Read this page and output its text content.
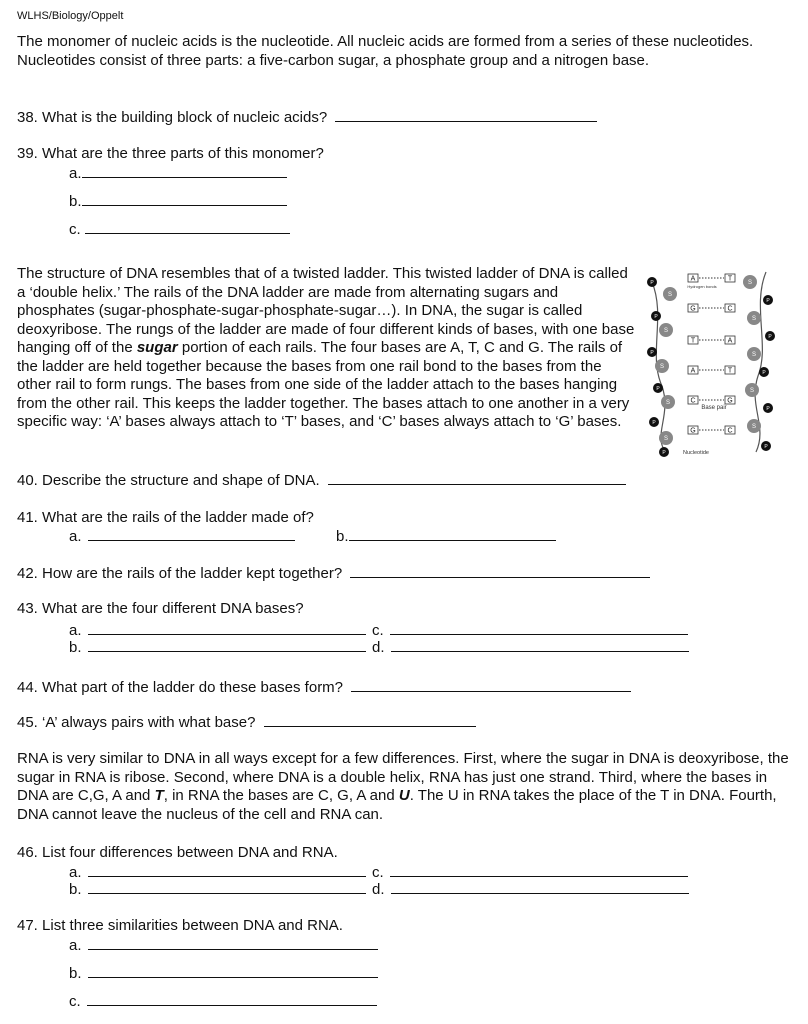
WLHS/Biology/Oppelt

The monomer of nucleic acids is the nucleotide. All nucleic acids are formed from a series of these nucleotides. Nucleotides consist of three parts: a five-carbon sugar, a phosphate group and a nitrogen base.

38. What is the building block of nucleic acids?
39. What are the three parts of this monomer?
a.
b.
c.

The structure of DNA resembles that of a twisted ladder. This twisted ladder of DNA is called a ‘double helix.’ The rails of the DNA ladder are made from alternating sugars and phosphates (sugar-phosphate-sugar-phosphate-sugar…). In DNA, the sugar is called deoxyribose. The rungs of the ladder are made of four different kinds of bases, with one base hanging off of the sugar portion of each rails. The four bases are A, T, C and G. The rails of the ladder are held together because the bases from one rail bond to the bases from the other rail to form rungs. The bases from one side of the ladder attach to the bases hanging from the other rail. This keeps the ladder together. The bases attach to one another in a very specific way: ‘A’ bases always attach to ‘T’ bases, and ‘C’ bases always attach to ‘G’ bases.

P
P
P
P
P
P
S
S
S
S
S
P
P
P
P
P
S
S
S
S
S
A	T
G	C
T	A
A	T
C	G
G	C
Hydrogen bonds
Base pair
Nucleotide
40. Describe the structure and shape of DNA.
41. What are the rails of the ladder made of?
a.	b.
42. How are the rails of the ladder kept together?
43. What are the four different DNA bases?
a.	c.
b.	d.
44. What part of the ladder do these bases form?
45. ‘A’ always pairs with what base?

RNA is very similar to DNA in all ways except for a few differences. First, where the sugar in DNA is deoxyribose, the sugar in RNA is ribose. Second, where DNA is a double helix, RNA has just one strand. Third, where the bases in DNA are C,G, A and T, in RNA the bases are C, G, A and U. The U in RNA takes the place of the T in DNA. Fourth, DNA cannot leave the nucleus of the cell and RNA can.

46. List four differences between DNA and RNA.
a.	c.
b.	d.
47. List three similarities between DNA and RNA.
a.
b.
c.
